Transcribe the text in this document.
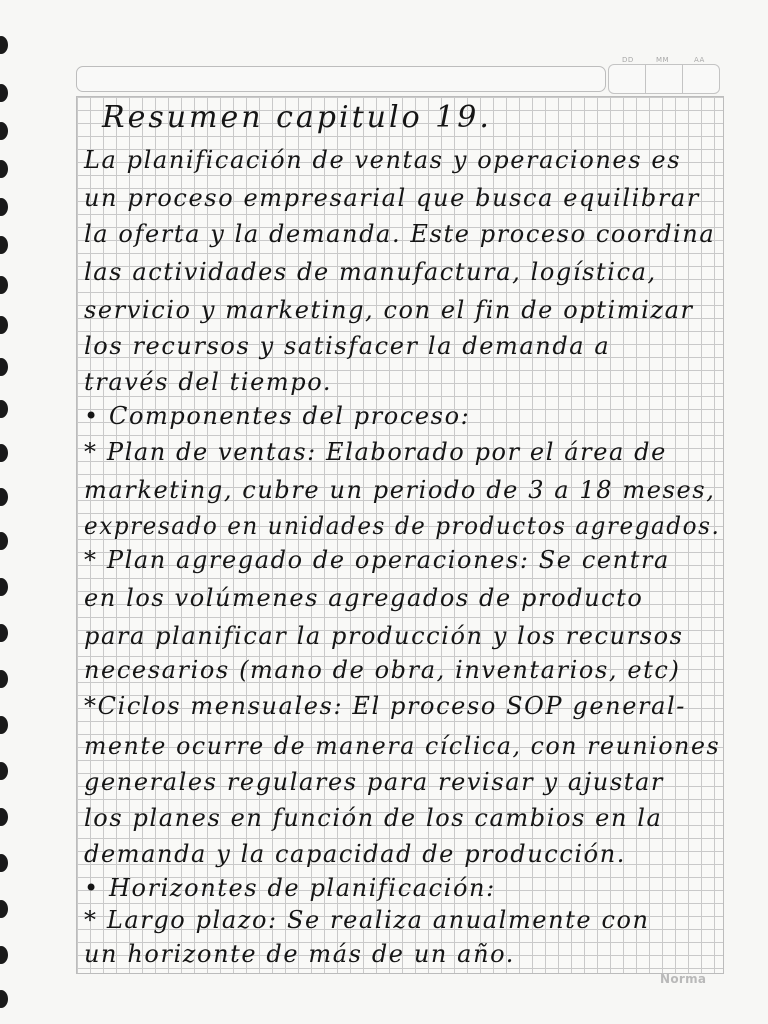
DD	MM	AA
Resumen capitulo 19.
La planificación de ventas y operaciones es
un proceso empresarial que busca equilibrar
la oferta y la demanda. Este proceso coordina
las actividades de manufactura, logística,
servicio y marketing, con el fin de optimizar
los recursos y satisfacer la demanda a
través del tiempo.
• Componentes del proceso:
* Plan de ventas: Elaborado por el área de
marketing, cubre un periodo de 3 a 18 meses,
expresado en unidades de productos agregados.
* Plan agregado de operaciones: Se centra
en los volúmenes agregados de producto
para planificar la producción y los recursos
necesarios (mano de obra, inventarios, etc)
*Ciclos mensuales: El proceso SOP general-
mente ocurre de manera cíclica, con reuniones
generales regulares para revisar y ajustar
los planes en función de los cambios en la
demanda y la capacidad de producción.
• Horizontes de planificación:
* Largo plazo: Se realiza anualmente con
un horizonte de más de un año.
Norma
